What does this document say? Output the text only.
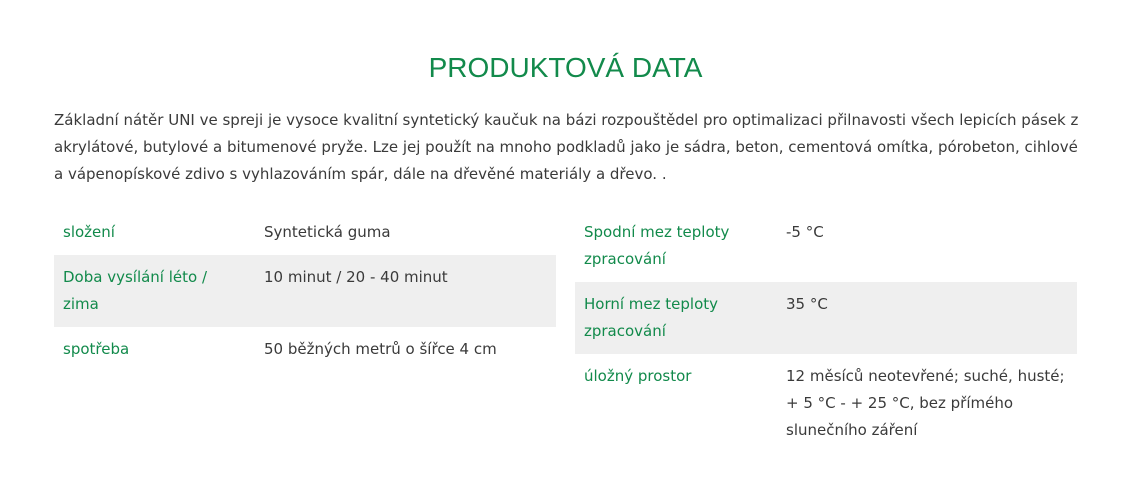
PRODUKTOVÁ DATA

Základní nátěr UNI ve spreji je vysoce kvalitní syntetický kaučuk na bázi rozpouštědel pro optimalizaci přilnavosti všech lepicích pásek z akrylátové, butylové a bitumenové pryže. Lze jej použít na mnoho podkladů jako je sádra, beton, cementová omítka, pórobeton, cihlové a vápenopískové zdivo s vyhlazováním spár, dále na dřevěné materiály a dřevo. .

složení	Syntetická guma
Doba vysílání léto / zima	10 minut / 20 - 40 minut
spotřeba	50 běžných metrů o šířce 4 cm
Spodní mez teploty zpracování	-5 °C
Horní mez teploty zpracování	35 °C
úložný prostor	12 měsíců neotevřené; suché, husté; + 5 °C - + 25 °C, bez přímého slunečního záření
